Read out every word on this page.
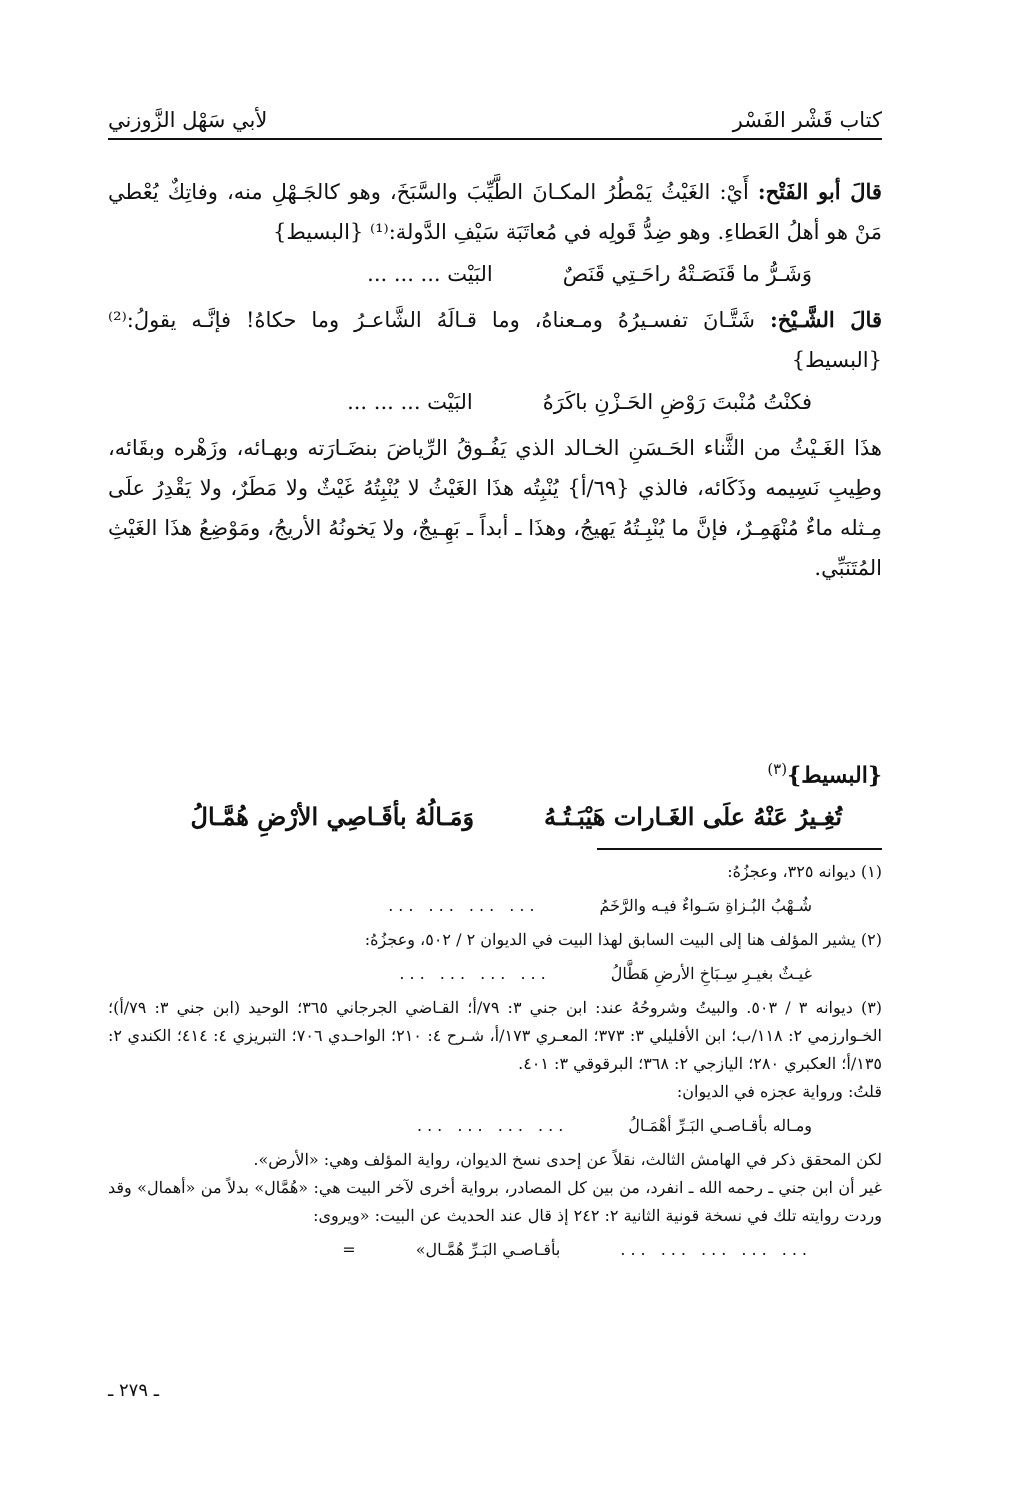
كتاب قَشْر الفَسْر
لأبي سَهْل الزَّوزني

قالَ أبو الفَتْح: أَيْ: الغَيْثُ يَمْطُرُ المكـانَ الطَّيِّبَ والسَّبَخَ، وهو كالجَـهْلِ منه، وفاتِكٌ يُعْطي مَنْ هو أهلُ العَطاءِ. وهو ضِدُّ قَولِه في مُعاتَبَة سَيْفِ الدَّولة:⁽¹⁾ {البسيط}

وَشَـرُّ ما قَنَصَـتْهُ راحَـتِي قَنَصٌ
البَيْت ... ... ...

قالَ الشَّـيْخ: شَتَّـانَ تفسـيرُهُ ومـعناهُ، وما قـالَهُ الشَّاعـرُ وما حكاهُ! فإنَّـه يقولُ:⁽²⁾ {البسيط}

فكنْتُ مُنْبتَ رَوْضِ الحَـزْنِ باكَرَهُ
البَيْت ... ... ...

هذَا الغَـيْثُ من الثَّناء الحَـسَنِ الخـالد الذي يَفُـوقُ الرِّياضَ بنضَـارَته وبهـائه، وزَهْره وبقَائه، وطِيبِ نَسِيمه وذَكَائه، فالذي {٦٩/أ} يُنْبِتُه هذَا الغَيْثُ لا يُنْبِتُهُ غَيْثٌ ولا مَطَرٌ، ولا يَقْدِرُ علَى مِـثله ماءٌ مُنْهَمِـرٌ، فإنَّ ما يُنْبِـتُهُ يَهيجُ، وهذَا ـ أبداً ـ بَهِـيجٌ، ولا يَخونُهُ الأريجُ، ومَوْضِعُ هذَا الغَيْثِ المُتَنَبِّي.

{البسيط}$^{(٣)}$
تُغِـيرُ عَنْهُ علَى الغَـارات هَيْبَـتُـهُ
وَمَـالُهُ بأقَـاصِي الأرْضِ هُمَّـالُ

(١) ديوانه ٣٢٥، وعجزُهُ:

شُـهْبُ البُـزاةِ سَـواءٌ فيـه والرَّخَمُ
... ... ... ...

(٢) يشير المؤلف هنا إلى البيت السابق لهذا البيت في الديوان ٢ / ٥٠٢، وعجزُهُ:

غيـثٌ بغيـرِ سِـبَاخِ الأرضِ هَطَّالُ
... ... ... ...

(٣) ديوانه ٣ / ٥٠٣. والبيتُ وشروحُهُ عند: ابن جني ٣: ٧٩/أ؛ القـاضي الجرجاني ٣٦٥؛ الوحيد (ابن جني ٣: ٧٩/أ)؛ الخـوارزمي ٢: ١١٨/ب؛ ابن الأفليلي ٣: ٣٧٣؛ المعـري ١٧٣/أ، شـرح ٤: ٢١٠؛ الواحـدي ٧٠٦؛ التبريزي ٤: ٤١٤؛ الكندي ٢: ١٣٥/أ؛ العكبري ٢٨٠؛ اليازجي ٢: ٣٦٨؛ البرقوقي ٣: ٤٠١.

قلتُ: ورواية عجزه في الديوان:

ومـاله بأقـاصـي البَـرِّ أهْمَـالُ
... ... ... ...

لكن المحقق ذكر في الهامش الثالث، نقلاً عن إحدى نسخ الديوان، رواية المؤلف وهي: «الأرض».

غير أن ابن جني ـ رحمه الله ـ انفرد، من بين كل المصادر، برواية أخرى لآخر البيت هي: «هُمَّال» بدلاً من «أهمال» وقد وردت روايته تلك في نسخة قونية الثانية ٢: ٢٤٢ إذ قال عند الحديث عن البيت: «ويروى:

... ... ... ... ...
بأقـاصـي البَـرِّ هُمَّـال»
=
ـ ٢٧٩ ـ
